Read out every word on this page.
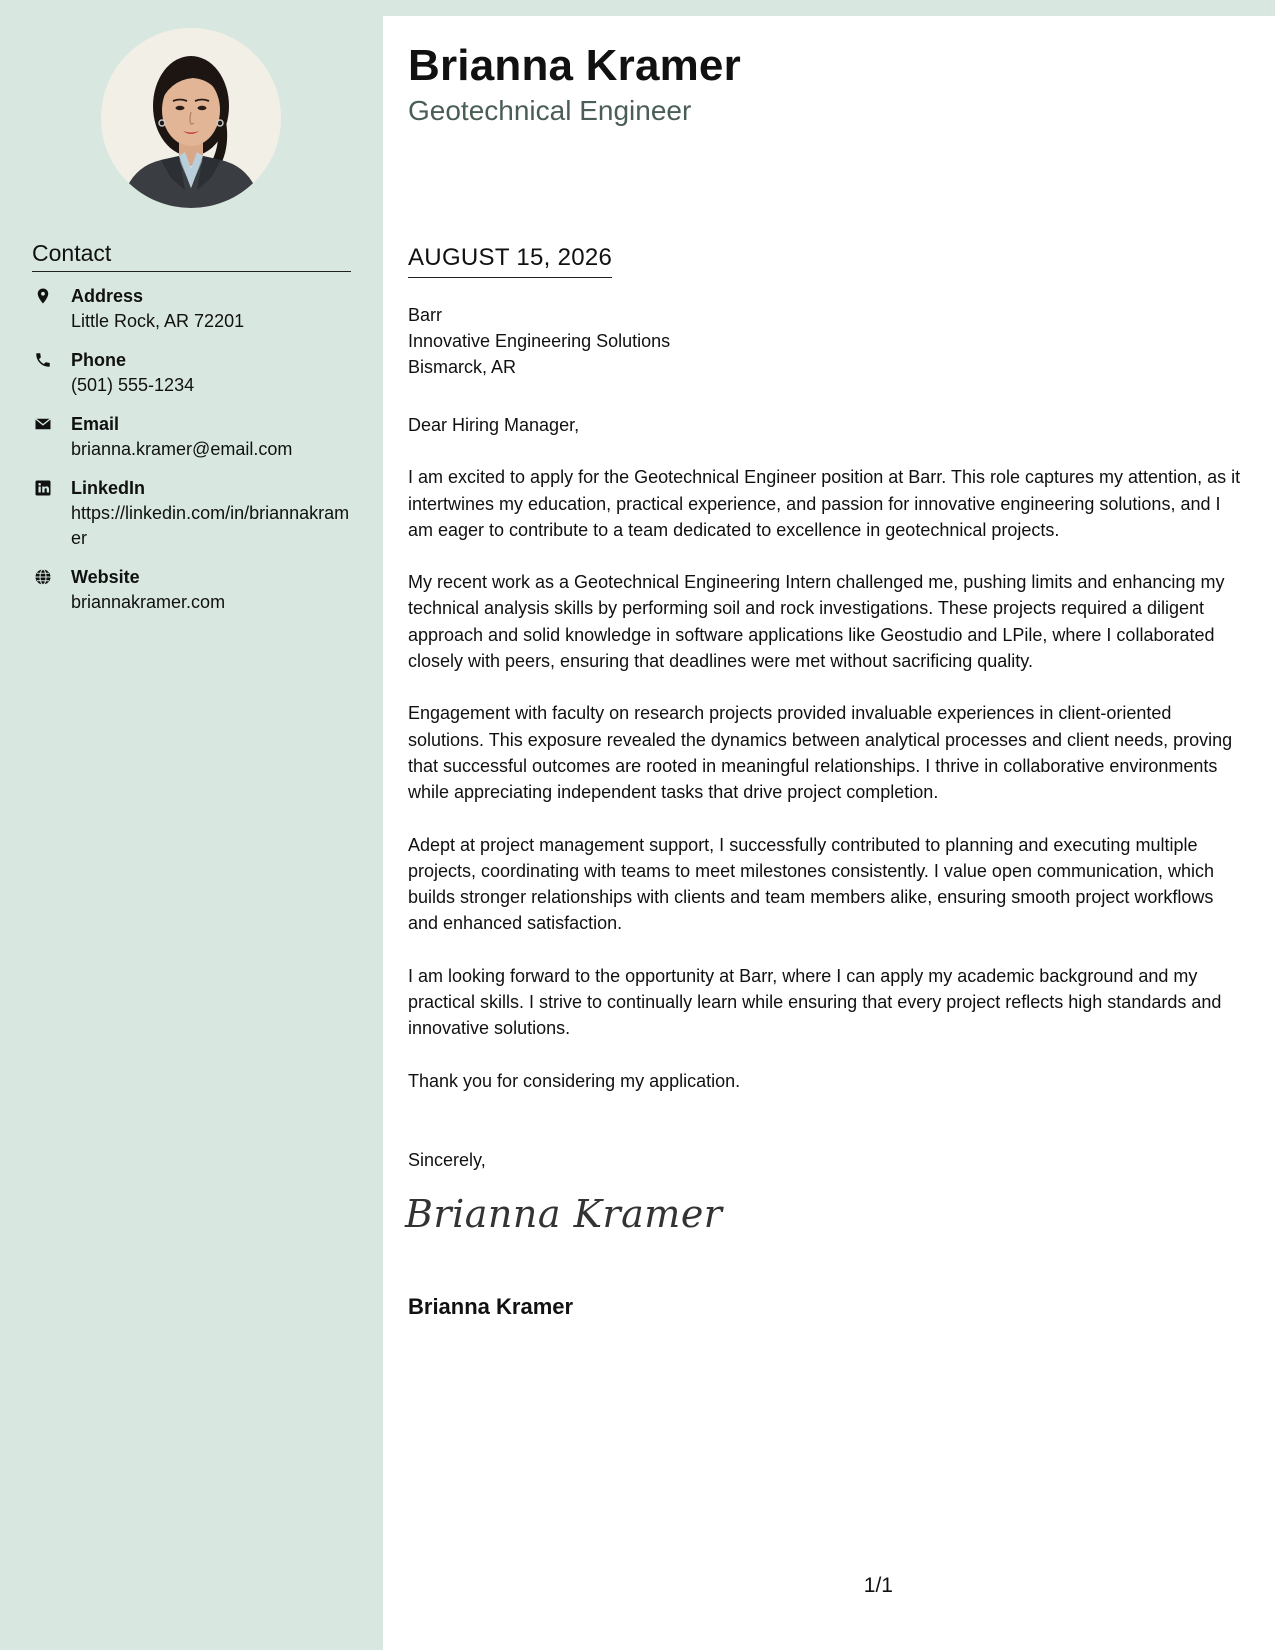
Contact
Address
Little Rock, AR 72201
Phone
(501) 555-1234
Email
brianna.kramer@email.com
LinkedIn
https://linkedin.com/in/briannakramer
Website
briannakramer.com
Brianna Kramer
Geotechnical Engineer
AUGUST 15, 2026
Barr
Innovative Engineering Solutions
Bismarck, AR

Dear Hiring Manager,

I am excited to apply for the Geotechnical Engineer position at Barr. This role captures my attention, as it intertwines my education, practical experience, and passion for innovative engineering solutions, and I am eager to contribute to a team dedicated to excellence in geotechnical projects.

My recent work as a Geotechnical Engineering Intern challenged me, pushing limits and enhancing my technical analysis skills by performing soil and rock investigations. These projects required a diligent approach and solid knowledge in software applications like Geostudio and LPile, where I collaborated closely with peers, ensuring that deadlines were met without sacrificing quality.

Engagement with faculty on research projects provided invaluable experiences in client-oriented solutions. This exposure revealed the dynamics between analytical processes and client needs, proving that successful outcomes are rooted in meaningful relationships. I thrive in collaborative environments while appreciating independent tasks that drive project completion.

Adept at project management support, I successfully contributed to planning and executing multiple projects, coordinating with teams to meet milestones consistently. I value open communication, which builds stronger relationships with clients and team members alike, ensuring smooth project workflows and enhanced satisfaction.

I am looking forward to the opportunity at Barr, where I can apply my academic background and my practical skills. I strive to continually learn while ensuring that every project reflects high standards and innovative solutions.

Thank you for considering my application.

Sincerely,
Brianna Kramer
Brianna Kramer
1/1
